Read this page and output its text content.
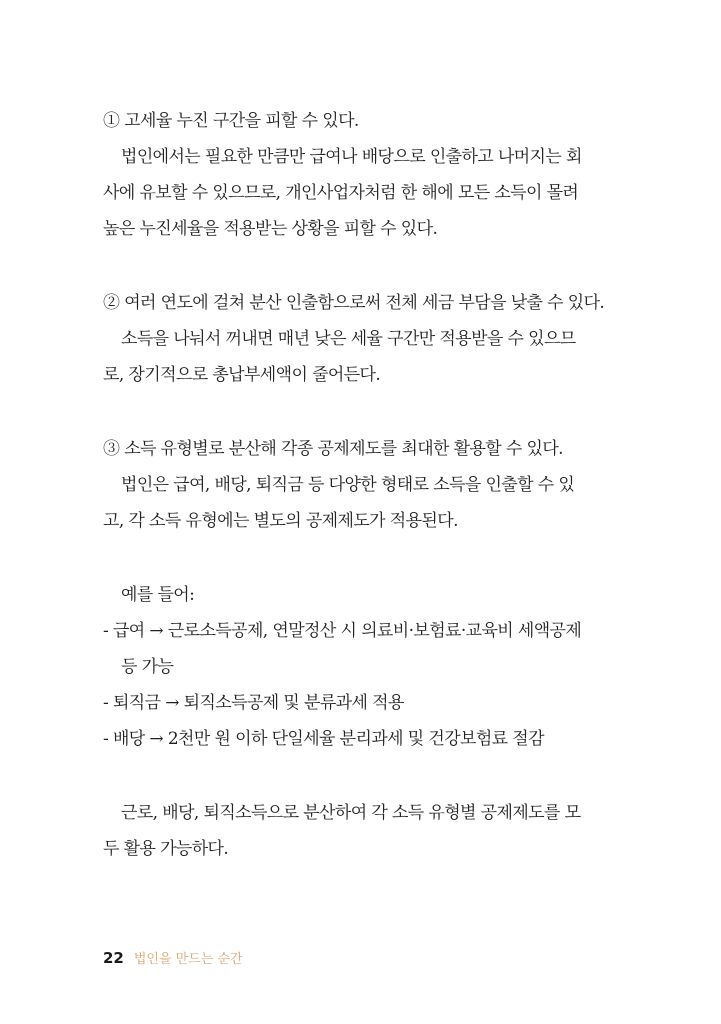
① 고세율 누진 구간을 피할 수 있다.
법인에서는 필요한 만큼만 급여나 배당으로 인출하고 나머지는 회
사에 유보할 수 있으므로, 개인사업자처럼 한 해에 모든 소득이 몰려
높은 누진세율을 적용받는 상황을 피할 수 있다.
② 여러 연도에 걸쳐 분산 인출함으로써 전체 세금 부담을 낮출 수 있다.
소득을 나눠서 꺼내면 매년 낮은 세율 구간만 적용받을 수 있으므
로, 장기적으로 총납부세액이 줄어든다.
③ 소득 유형별로 분산해 각종 공제제도를 최대한 활용할 수 있다.
법인은 급여, 배당, 퇴직금 등 다양한 형태로 소득을 인출할 수 있
고, 각 소득 유형에는 별도의 공제제도가 적용된다.
예를 들어:
- 급여 → 근로소득공제, 연말정산 시 의료비·보험료·교육비 세액공제
등 가능
- 퇴직금 → 퇴직소득공제 및 분류과세 적용
- 배당 → 2천만 원 이하 단일세율 분리과세 및 건강보험료 절감
근로, 배당, 퇴직소득으로 분산하여 각 소득 유형별 공제제도를 모
두 활용 가능하다.
22 법인을 만드는 순간
